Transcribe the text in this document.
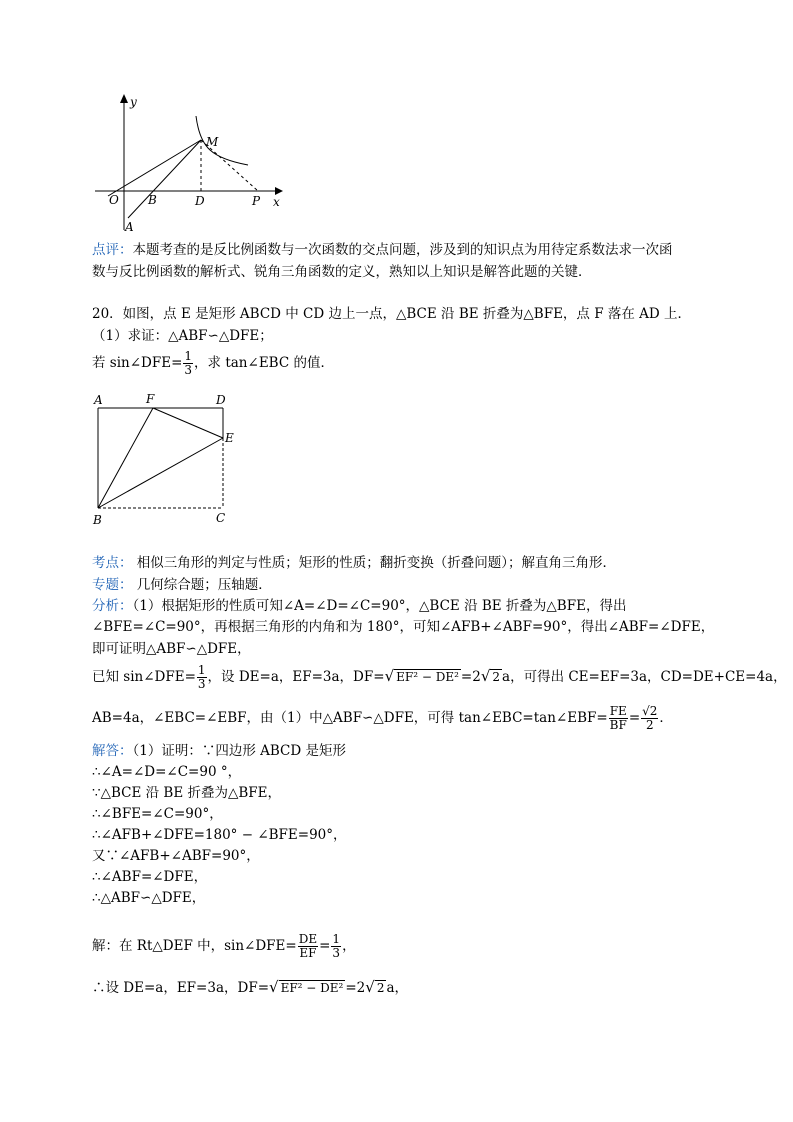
y
M
O B	D	P x
A
点评：本题考查的是反比例函数与一次函数的交点问题，涉及到的知识点为用待定系数法求一次函
数与反比例函数的解析式、锐角三角函数的定义，熟知以上知识是解答此题的关键．
20．如图，点 E 是矩形 ABCD 中 CD 边上一点，△BCE 沿 BE 折叠为△BFE，点 F 落在 AD 上．
（1）求证：△ABF∽△DFE；
若 sin∠DFE= $\frac{1}{3}$ ，求 tan∠EBC 的值．
A	F	D
E
B	C
考点： 相似三角形的判定与性质；矩形的性质；翻折变换（折叠问题）；解直角三角形．
专题： 几何综合题；压轴题．
分析：（1）根据矩形的性质可知∠A=∠D=∠C=90°，△BCE 沿 BE 折叠为△BFE，得出
∠BFE=∠C=90°，再根据三角形的内角和为 180°，可知∠AFB+∠ABF=90°，得出∠ABF=∠DFE，
即可证明△ABF∽△DFE，
已知 sin∠DFE= $\frac{1}{3}$ ，设 DE=a，EF=3a，DF=√ EF² − DE² =2√ 2 a，可得出 CE=EF=3a，CD=DE+CE=4a，
AB=4a，∠EBC=∠EBF，由（1）中△ABF∽△DFE，可得 tan∠EBC=tan∠EBF= $\frac{FE}{BF} = \frac{√2}{2}$ ．
解答：（1）证明：∵四边形 ABCD 是矩形
∴∠A=∠D=∠C=90 °，
∵△BCE 沿 BE 折叠为△BFE，
∴∠BFE=∠C=90°，
∴∠AFB+∠DFE=180° − ∠BFE=90°，
又∵∠AFB+∠ABF=90°，
∴∠ABF=∠DFE，
∴△ABF∽△DFE，
解：在 Rt△DEF 中，sin∠DFE= $\frac{DE}{EF} = \frac{1}{3}$ ，
∴设 DE=a，EF=3a，DF=√ EF² − DE² =2√ 2 a，
